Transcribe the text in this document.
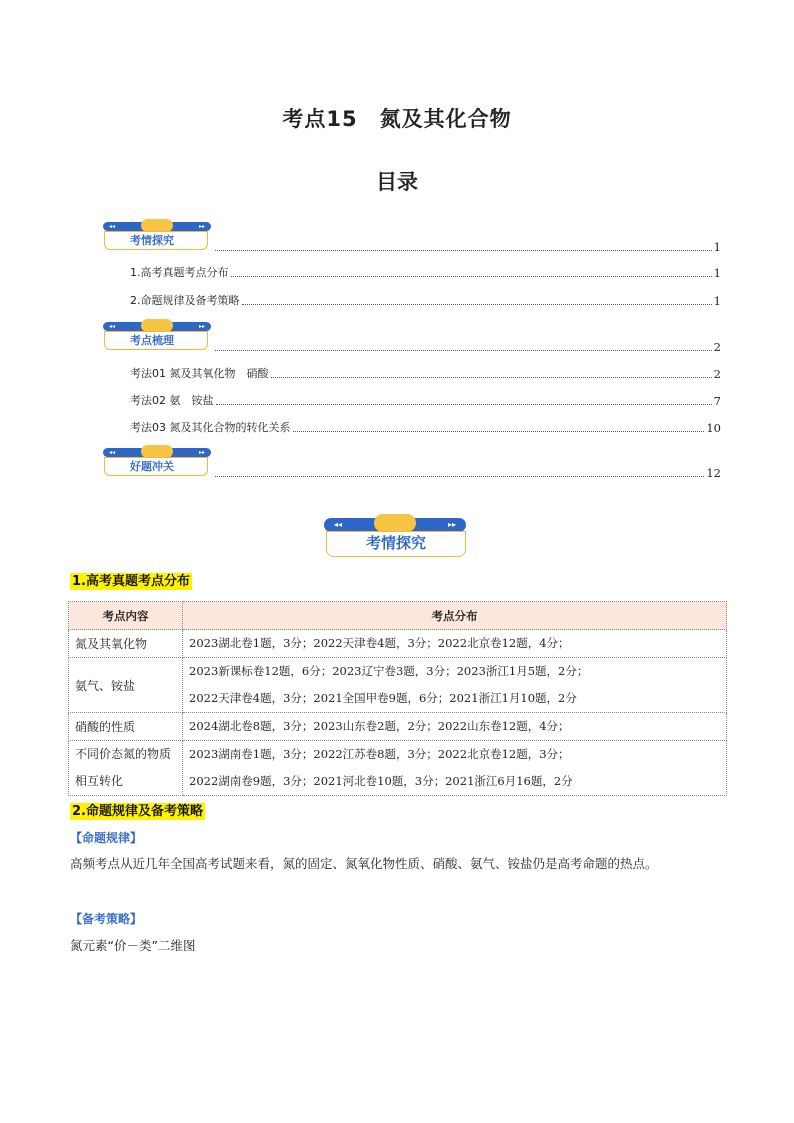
考点15　氮及其化合物
目录
◂◂	▸▸
考情探究	1
1.高考真题考点分布	1
2.命题规律及备考策略	1
◂◂	▸▸
考点梳理	2
考法01 氮及其氧化物　硝酸	2
考法02 氨　铵盐	7
考法03 氮及其化合物的转化关系	10
◂◂	▸▸
好题冲关	12
◂◂	▸▸
考情探究
1.高考真题考点分布
考点内容	考点分布
氮及其氧化物	2023湖北卷1题，3分；2022天津卷4题，3分；2022北京卷12题，4分；

氨气、铵盐	2023新课标卷12题，6分；2023辽宁卷3题，3分；2023浙江1月5题，2分；
2022天津卷4题，3分；2021全国甲卷9题，6分；2021浙江1月10题，2分

硝酸的性质	2024湖北卷8题，3分；2023山东卷2题，2分；2022山东卷12题，4分；

不同价态氮的物质相互转化	2023湖南卷1题，3分；2022江苏卷8题，3分；2022北京卷12题，3分；
2022湖南卷9题，3分；2021河北卷10题，3分；2021浙江6月16题，2分
2.命题规律及备考策略
【命题规律】
高频考点从近几年全国高考试题来看，氮的固定、氮氧化物性质、硝酸、氨气、铵盐仍是高考命题的热点。
【备考策略】
氮元素“价－类”二维图
